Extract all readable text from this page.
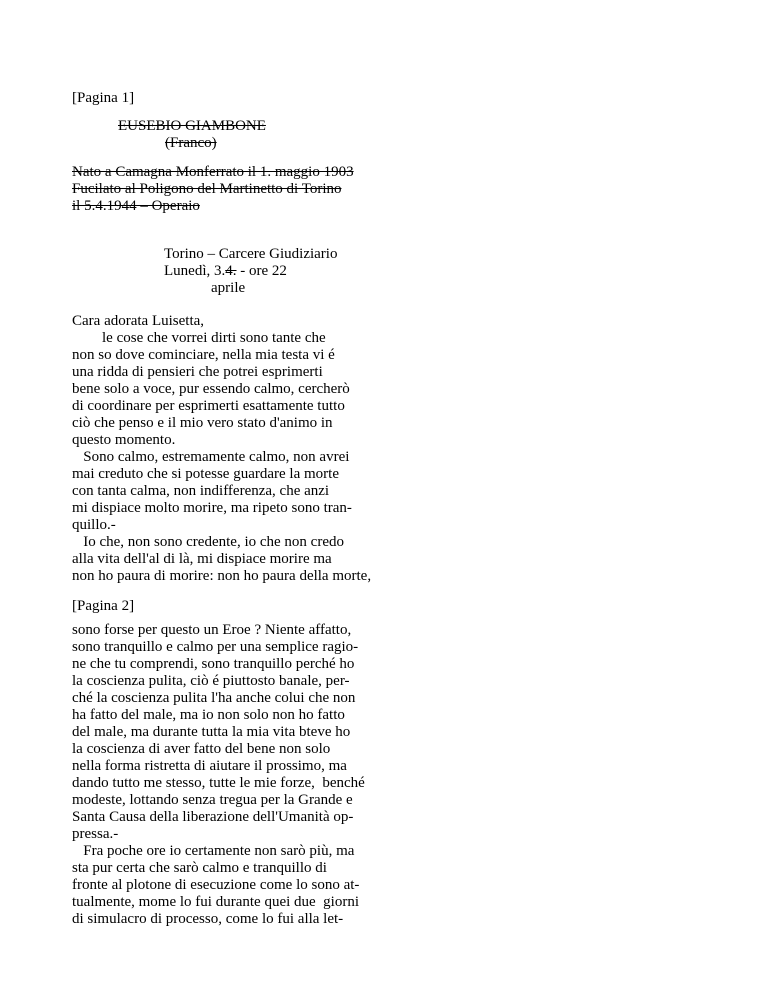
[Pagina 1]

EUSEBIO GIAMBONE

(Franco)

Nato a Camagna Monferrato il 1. maggio 1903

Fucilato al Poligono del Martinetto di Torino

il 5.4.1944 – Operaio

Torino – Carcere Giudiziario

Lunedì, 3.4. - ore 22

aprile

Cara adorata Luisetta,

le cose che vorrei dirti sono tante che

non so dove cominciare, nella mia testa vi é

una ridda di pensieri che potrei esprimerti

bene solo a voce, pur essendo calmo, cercherò

di coordinare per esprimerti esattamente tutto

ciò che penso e il mio vero stato d'animo in

questo momento.

Sono calmo, estremamente calmo, non avrei

mai creduto che si potesse guardare la morte

con tanta calma, non indifferenza, che anzi

mi dispiace molto morire, ma ripeto sono tran-

quillo.-

Io che, non sono credente, io che non credo

alla vita dell'al di là, mi dispiace morire ma

non ho paura di morire: non ho paura della morte,

[Pagina 2]

sono forse per questo un Eroe ? Niente affatto,

sono tranquillo e calmo per una semplice ragio-

ne che tu comprendi, sono tranquillo perché ho

la coscienza pulita, ciò é piuttosto banale, per-

ché la coscienza pulita l'ha anche colui che non

ha fatto del male, ma io non solo non ho fatto

del male, ma durante tutta la mia vita bteve ho

la coscienza di aver fatto del bene non solo

nella forma ristretta di aiutare il prossimo, ma

dando tutto me stesso, tutte le mie forze,  benché

modeste, lottando senza tregua per la Grande e

Santa Causa della liberazione dell'Umanità op-

pressa.-

Fra poche ore io certamente non sarò più, ma

sta pur certa che sarò calmo e tranquillo di

fronte al plotone di esecuzione come lo sono at-

tualmente, mome lo fui durante quei due  giorni

di simulacro di processo, come lo fui alla let-
